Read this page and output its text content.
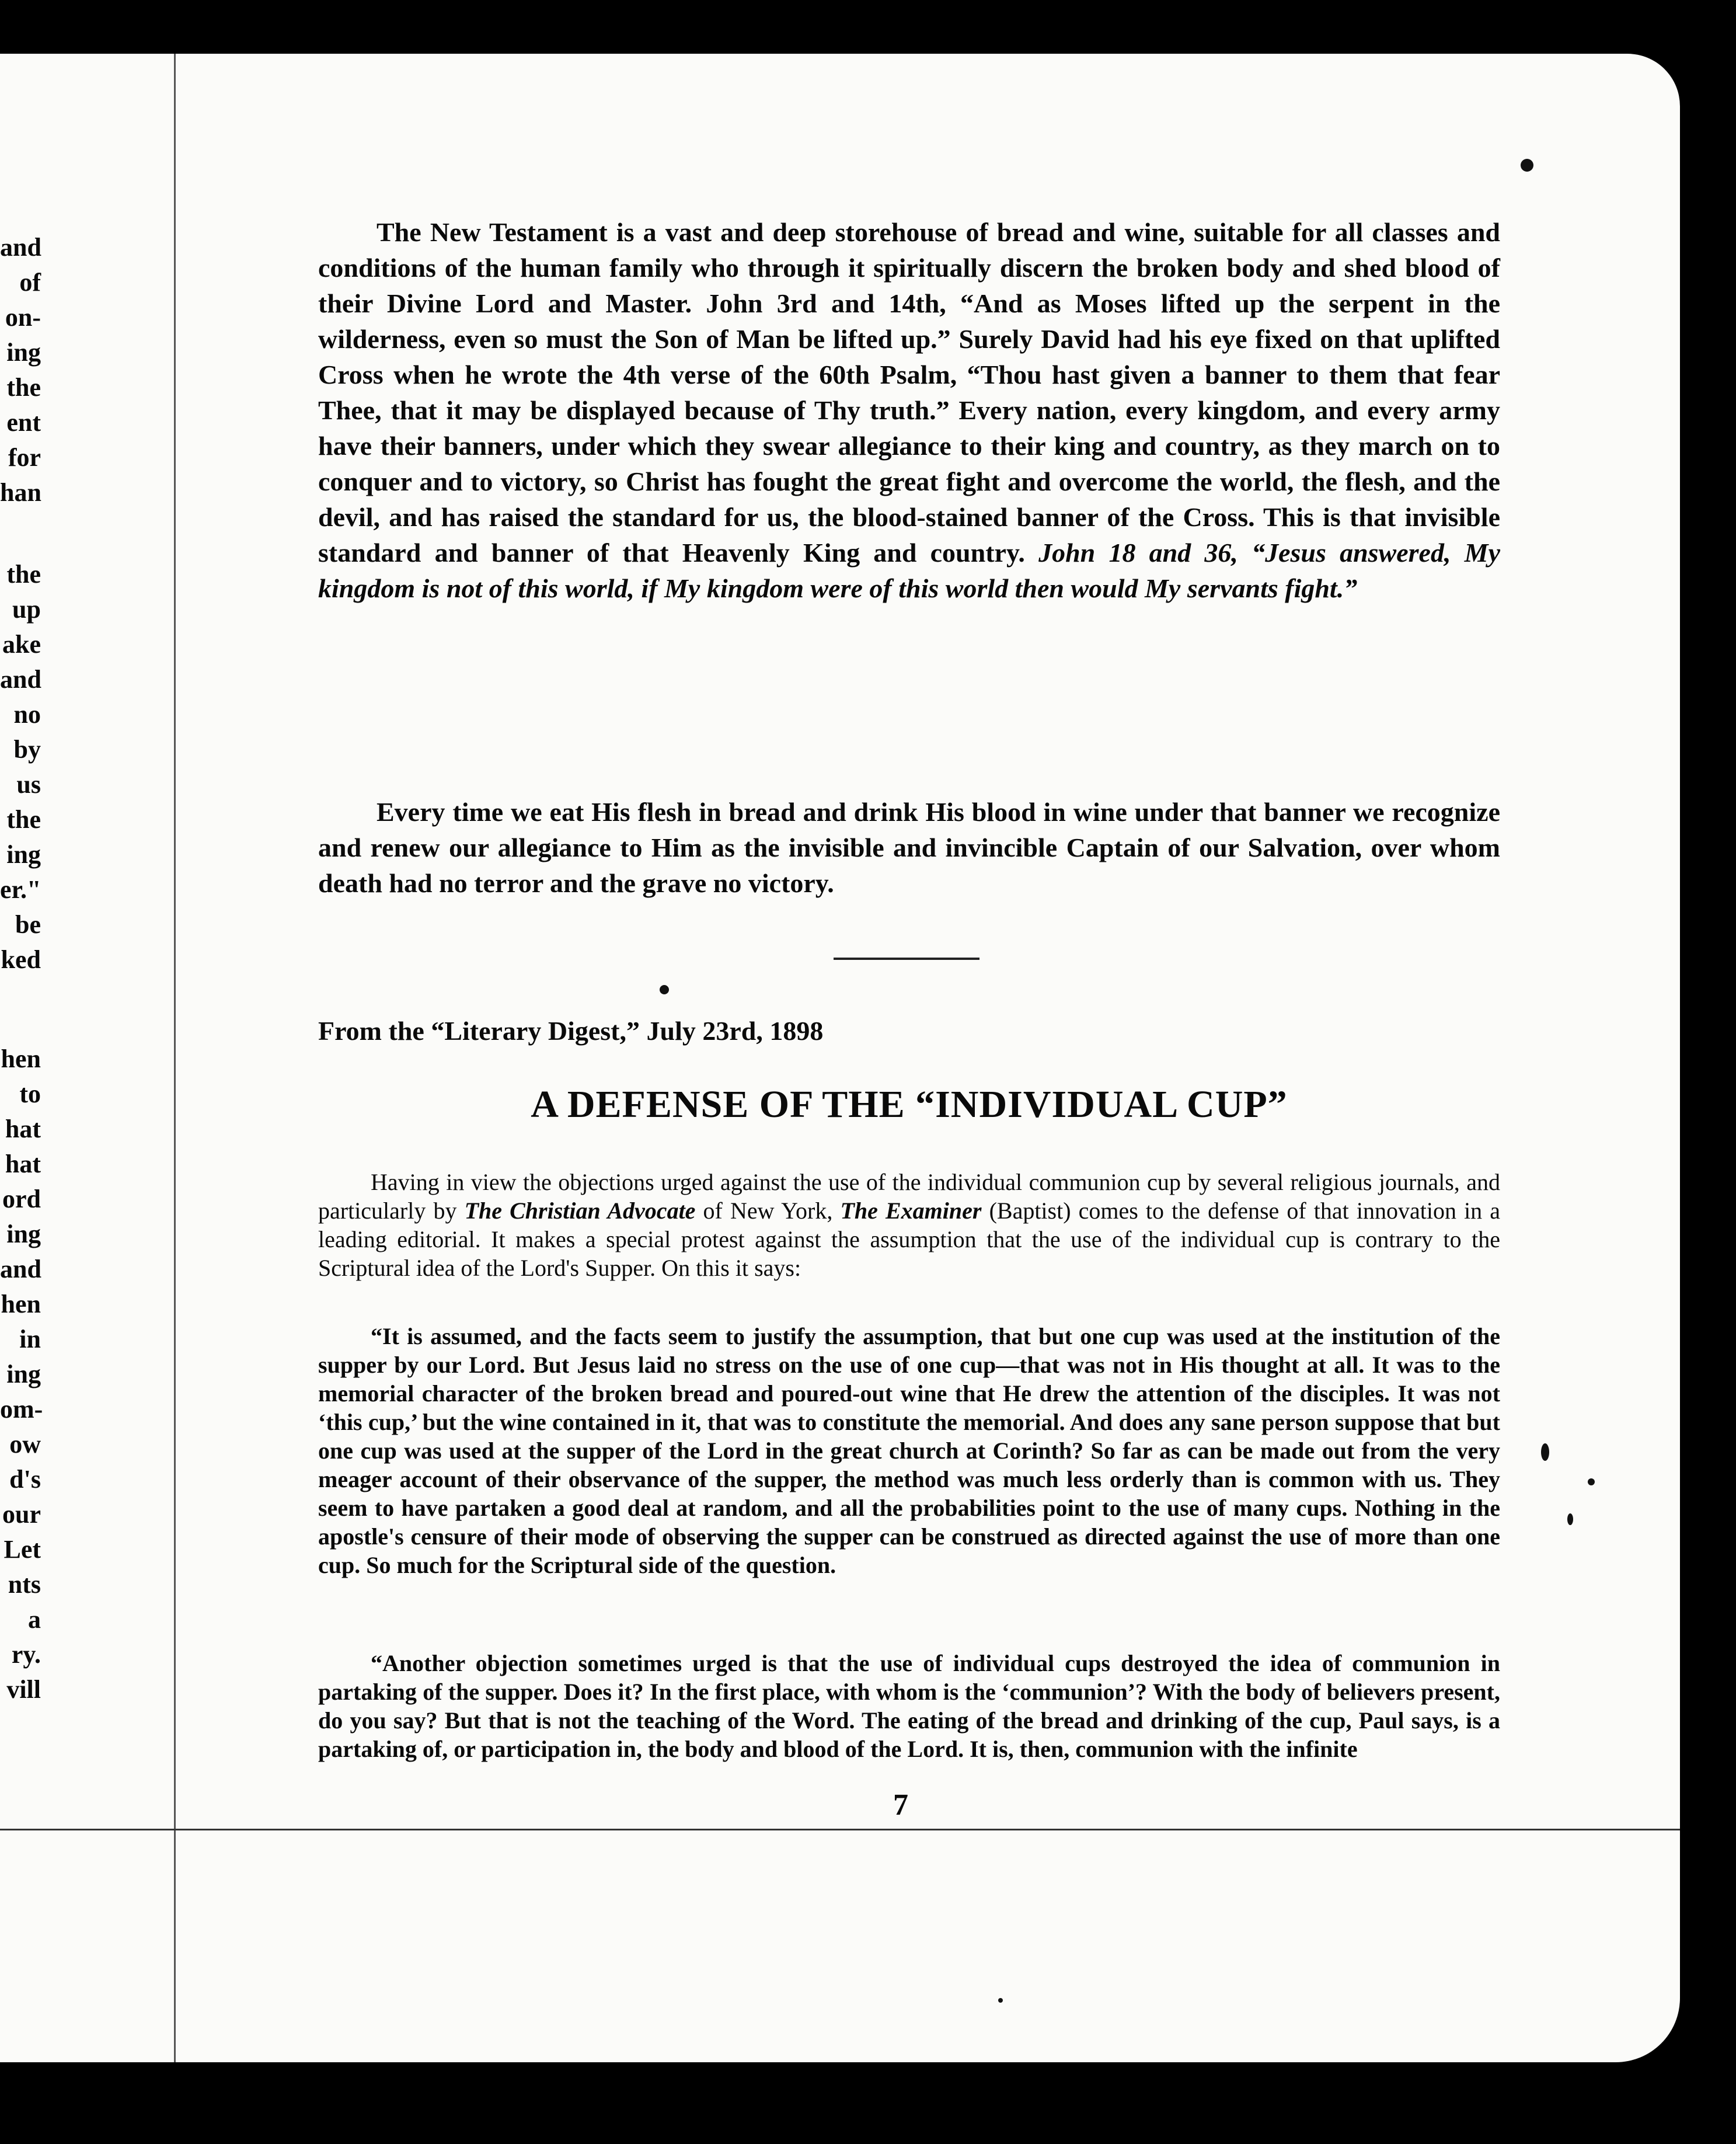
and
of
on-
ing
the
ent
for
han
the
up
ake
and
no
by
us
the
ing
er."
be
ked
hen
to
hat
hat
ord
ing
and
hen
in
ing
om-
ow
d's
our
Let
nts
a
ry.
vill

The New Testament is a vast and deep storehouse of bread and wine, suitable for all classes and conditions of the human family who through it spiritually discern the broken body and shed blood of their Divine Lord and Master. John 3rd and 14th, “And as Moses lifted up the serpent in the wilderness, even so must the Son of Man be lifted up.” Surely David had his eye fixed on that uplifted Cross when he wrote the 4th verse of the 60th Psalm, “Thou hast given a banner to them that fear Thee, that it may be displayed because of Thy truth.” Every nation, every kingdom, and every army have their banners, under which they swear allegiance to their king and country, as they march on to conquer and to victory, so Christ has fought the great fight and overcome the world, the flesh, and the devil, and has raised the standard for us, the blood-stained banner of the Cross. This is that invisible standard and banner of that Heavenly King and country. John 18 and 36, “Jesus answered, My kingdom is not of this world, if My kingdom were of this world then would My servants fight.”

Every time we eat His flesh in bread and drink His blood in wine under that banner we recognize and renew our allegiance to Him as the invisible and invincible Captain of our Salvation, over whom death had no terror and the grave no victory.

From the “Literary Digest,” July 23rd, 1898
A DEFENSE OF THE “INDIVIDUAL CUP”

Having in view the objections urged against the use of the individual communion cup by several religious journals, and particularly by The Christian Advocate of New York, The Examiner (Baptist) comes to the defense of that innovation in a leading editorial. It makes a special protest against the assumption that the use of the individual cup is contrary to the Scriptural idea of the Lord's Supper. On this it says:

“It is assumed, and the facts seem to justify the assumption, that but one cup was used at the institution of the supper by our Lord. But Jesus laid no stress on the use of one cup—that was not in His thought at all. It was to the memorial character of the broken bread and poured-out wine that He drew the attention of the disciples. It was not ‘this cup,’ but the wine contained in it, that was to constitute the memorial. And does any sane person suppose that but one cup was used at the supper of the Lord in the great church at Corinth? So far as can be made out from the very meager account of their observance of the supper, the method was much less orderly than is common with us. They seem to have partaken a good deal at random, and all the probabilities point to the use of many cups. Nothing in the apostle's censure of their mode of observing the supper can be construed as directed against the use of more than one cup. So much for the Scriptural side of the question.

“Another objection sometimes urged is that the use of individual cups destroyed the idea of communion in partaking of the supper. Does it? In the first place, with whom is the ‘communion’? With the body of believers present, do you say? But that is not the teaching of the Word. The eating of the bread and drinking of the cup, Paul says, is a partaking of, or participation in, the body and blood of the Lord. It is, then, communion with the infinite

7
